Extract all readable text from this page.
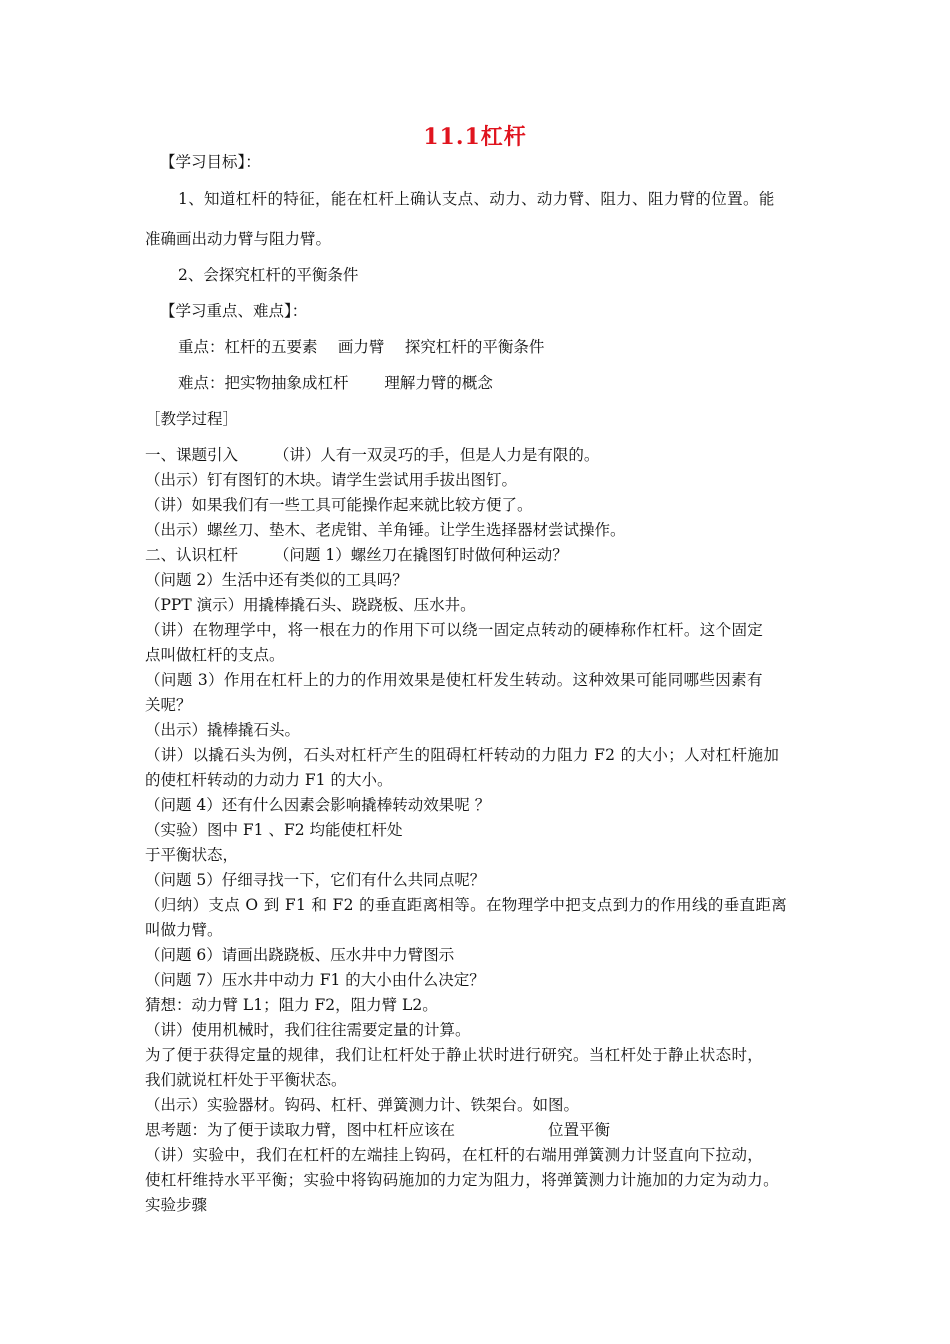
11.1杠杆
【学习目标】：
1、知道杠杆的特征，能在杠杆上确认支点、动力、动力臂、阻力、阻力臂的位置。能
准确画出动力臂与阻力臂。
2、会探究杠杆的平衡条件
【学习重点、难点】：
重点：杠杆的五要素　 画力臂　 探究杠杆的平衡条件
难点：把实物抽象成杠杆　　 理解力臂的概念
［教学过程］
一、课题引入　　 （讲）人有一双灵巧的手，但是人力是有限的。
（出示）钉有图钉的木块。请学生尝试用手拔出图钉。
（讲）如果我们有一些工具可能操作起来就比较方便了。
（出示）螺丝刀、垫木、老虎钳、羊角锤。让学生选择器材尝试操作。
二、认识杠杆　　 （问题 1）螺丝刀在撬图钉时做何种运动？
（问题 2）生活中还有类似的工具吗？
（PPT 演示）用撬棒撬石头、跷跷板、压水井。
（讲）在物理学中，将一根在力的作用下可以绕一固定点转动的硬棒称作杠杆。这个固定
点叫做杠杆的支点。
（问题 3）作用在杠杆上的力的作用效果是使杠杆发生转动。这种效果可能同哪些因素有
关呢？
（出示）撬棒撬石头。
（讲）以撬石头为例，石头对杠杆产生的阻碍杠杆转动的力阻力 F2 的大小；人对杠杆施加
的使杠杆转动的力动力 F1 的大小。
（问题 4）还有什么因素会影响撬棒转动效果呢 ？
（实验）图中 F1 、F2 均能使杠杆处
于平衡状态，
（问题 5）仔细寻找一下，它们有什么共同点呢？
（归纳）支点 O 到 F1 和 F2 的垂直距离相等。在物理学中把支点到力的作用线的垂直距离
叫做力臂。
（问题 6）请画出跷跷板、压水井中力臂图示
（问题 7）压水井中动力 F1 的大小由什么决定？
猜想：动力臂 L1；阻力 F2，阻力臂 L2。
（讲）使用机械时，我们往往需要定量的计算。
为了便于获得定量的规律，我们让杠杆处于静止状时进行研究。当杠杆处于静止状态时，
我们就说杠杆处于平衡状态。
（出示）实验器材。钩码、杠杆、弹簧测力计、铁架台。如图。
思考题：为了便于读取力臂，图中杠杆应该在　　　　　　位置平衡
（讲）实验中，我们在杠杆的左端挂上钩码，在杠杆的右端用弹簧测力计竖直向下拉动，
使杠杆维持水平平衡；实验中将钩码施加的力定为阻力，将弹簧测力计施加的力定为动力。
实验步骤
